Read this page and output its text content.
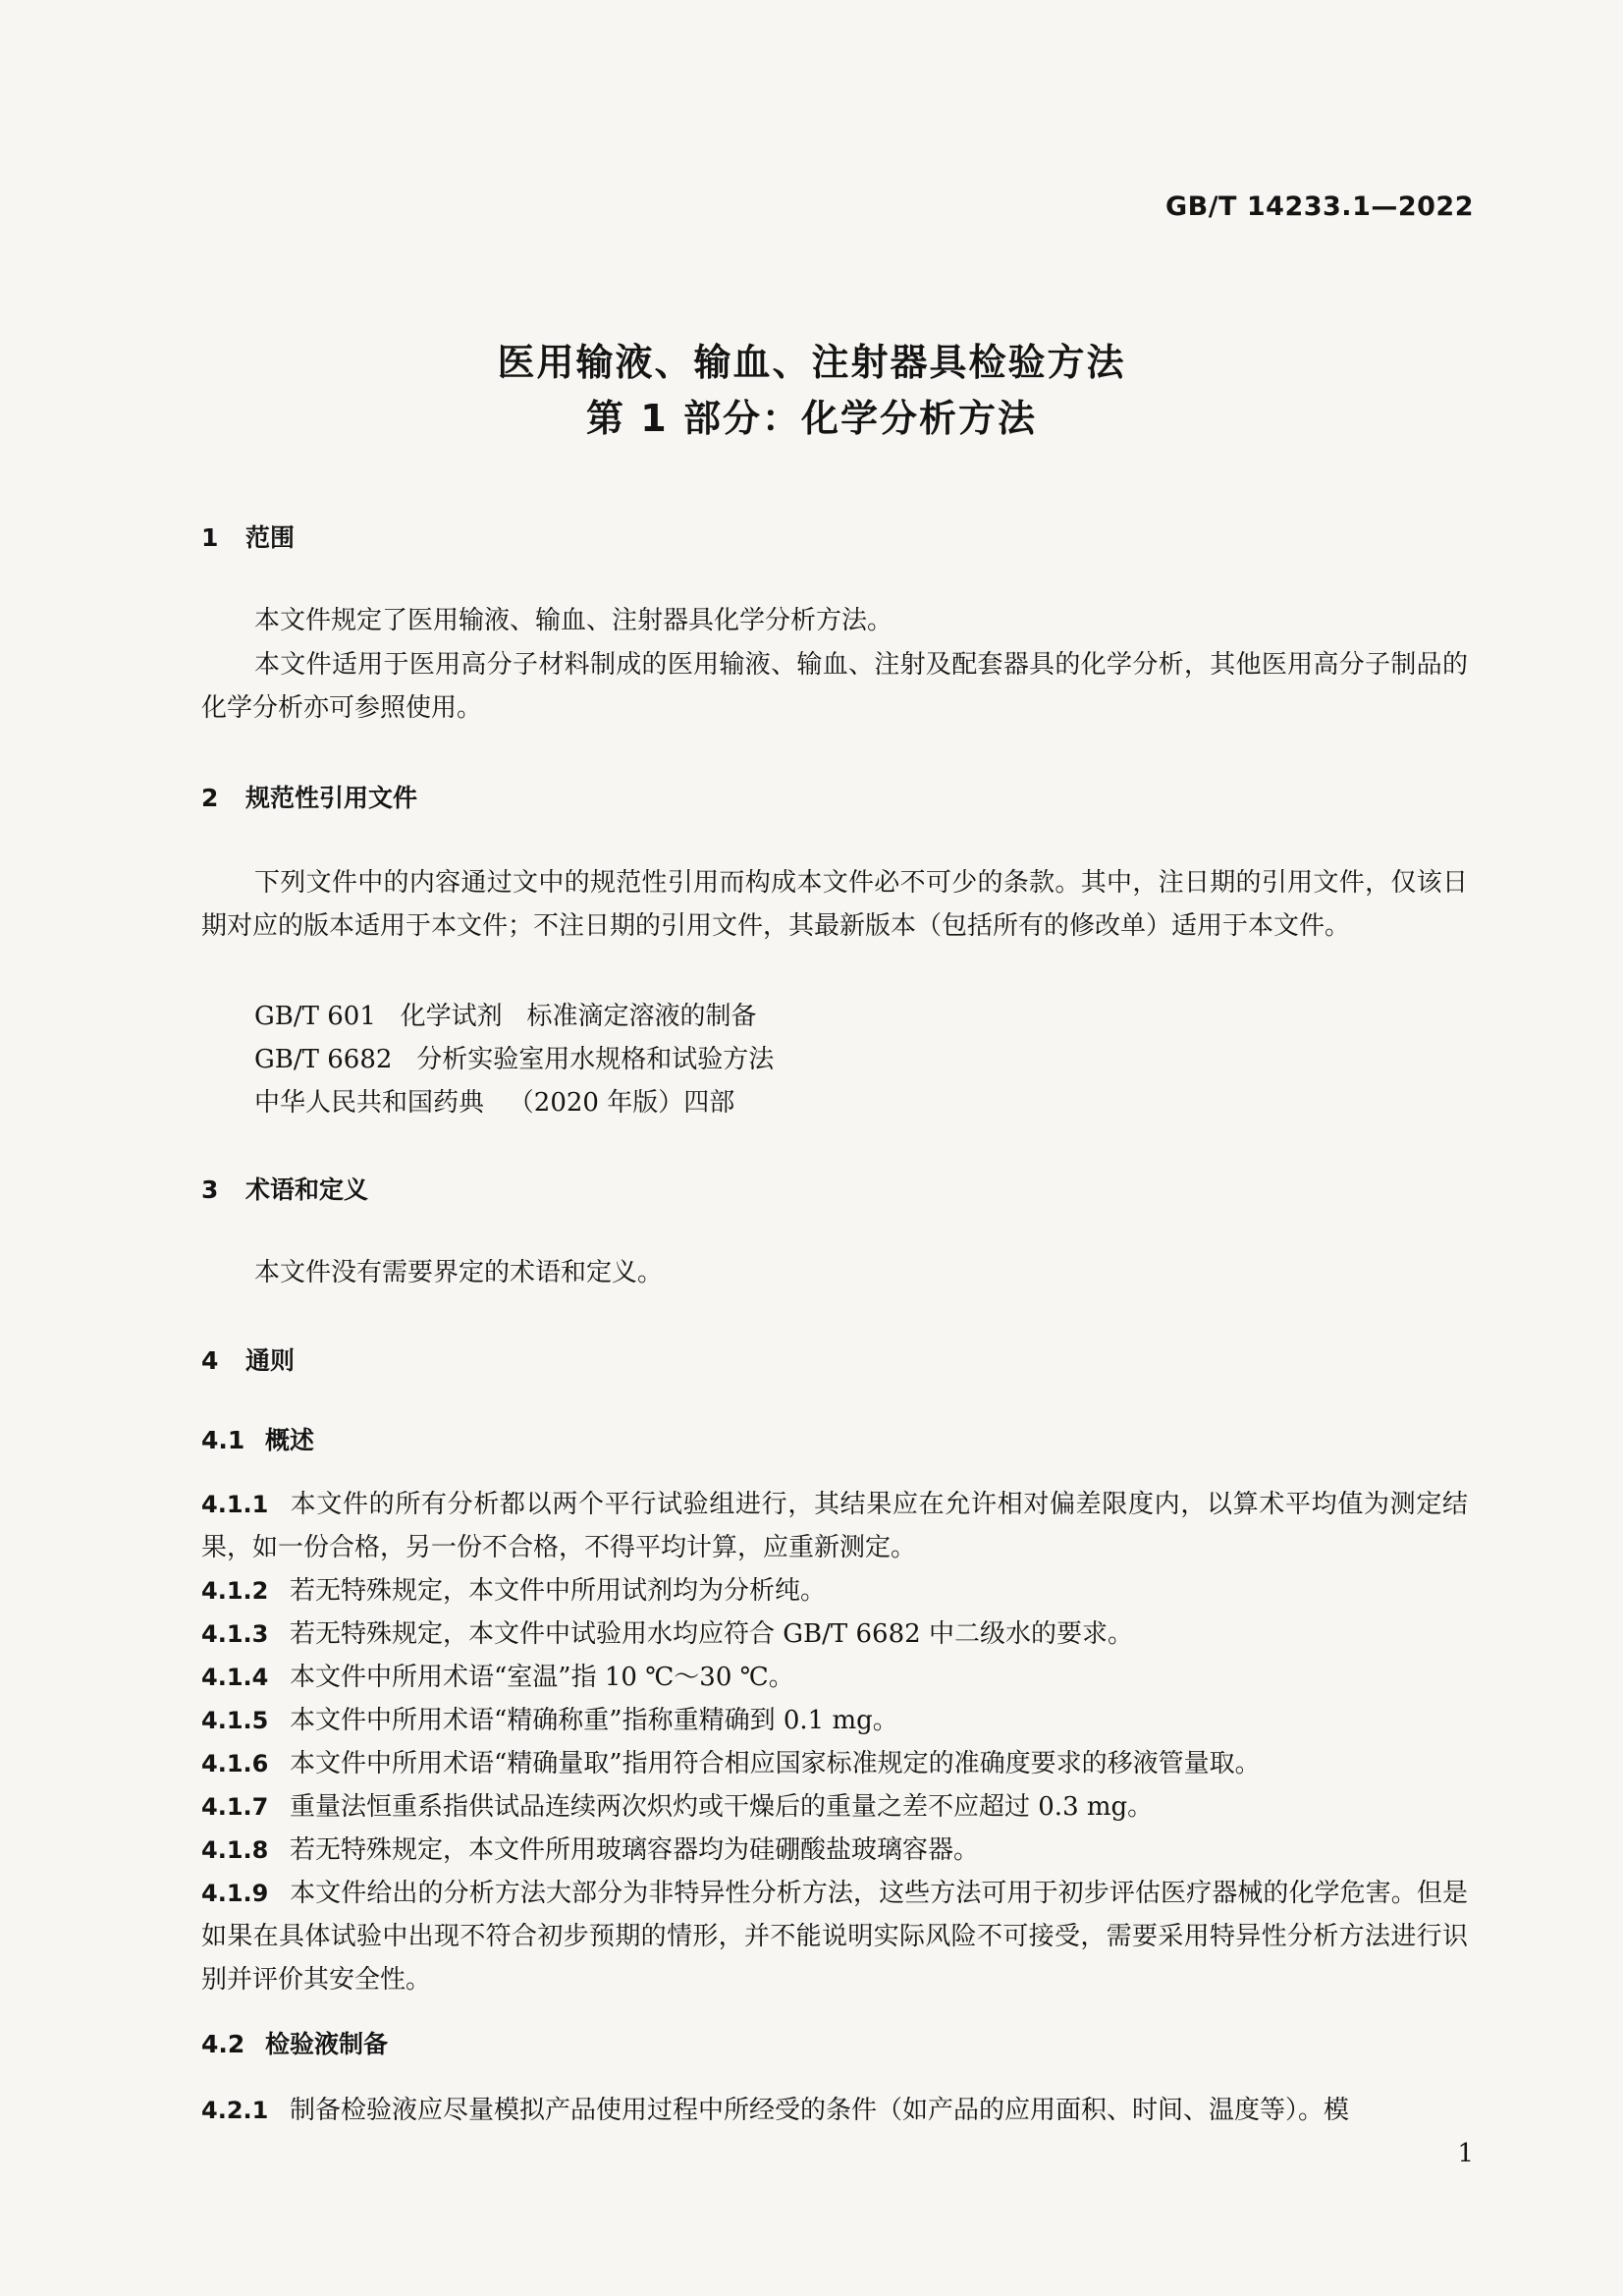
GB/T 14233.1—2022
医用输液、输血、注射器具检验方法
第 1 部分：化学分析方法
1 范围
本文件规定了医用输液、输血、注射器具化学分析方法。
本文件适用于医用高分子材料制成的医用输液、输血、注射及配套器具的化学分析，其他医用高分子制品的化学分析亦可参照使用。
2 规范性引用文件
下列文件中的内容通过文中的规范性引用而构成本文件必不可少的条款。其中，注日期的引用文件，仅该日期对应的版本适用于本文件；不注日期的引用文件，其最新版本（包括所有的修改单）适用于本文件。
GB/T 601   化学试剂   标准滴定溶液的制备
GB/T 6682   分析实验室用水规格和试验方法
中华人民共和国药典   （2020 年版）四部
3 术语和定义
本文件没有需要界定的术语和定义。
4 通则
4.1 概述
4.1.1 本文件的所有分析都以两个平行试验组进行，其结果应在允许相对偏差限度内，以算术平均值为测定结果，如一份合格，另一份不合格，不得平均计算，应重新测定。
4.1.2 若无特殊规定，本文件中所用试剂均为分析纯。
4.1.3 若无特殊规定，本文件中试验用水均应符合 GB/T 6682 中二级水的要求。
4.1.4 本文件中所用术语“室温”指 10 ℃～30 ℃。
4.1.5 本文件中所用术语“精确称重”指称重精确到 0.1 mg。
4.1.6 本文件中所用术语“精确量取”指用符合相应国家标准规定的准确度要求的移液管量取。
4.1.7 重量法恒重系指供试品连续两次炽灼或干燥后的重量之差不应超过 0.3 mg。
4.1.8 若无特殊规定，本文件所用玻璃容器均为硅硼酸盐玻璃容器。
4.1.9 本文件给出的分析方法大部分为非特异性分析方法，这些方法可用于初步评估医疗器械的化学危害。但是如果在具体试验中出现不符合初步预期的情形，并不能说明实际风险不可接受，需要采用特异性分析方法进行识别并评价其安全性。
4.2 检验液制备
4.2.1 制备检验液应尽量模拟产品使用过程中所经受的条件（如产品的应用面积、时间、温度等）。模
1
